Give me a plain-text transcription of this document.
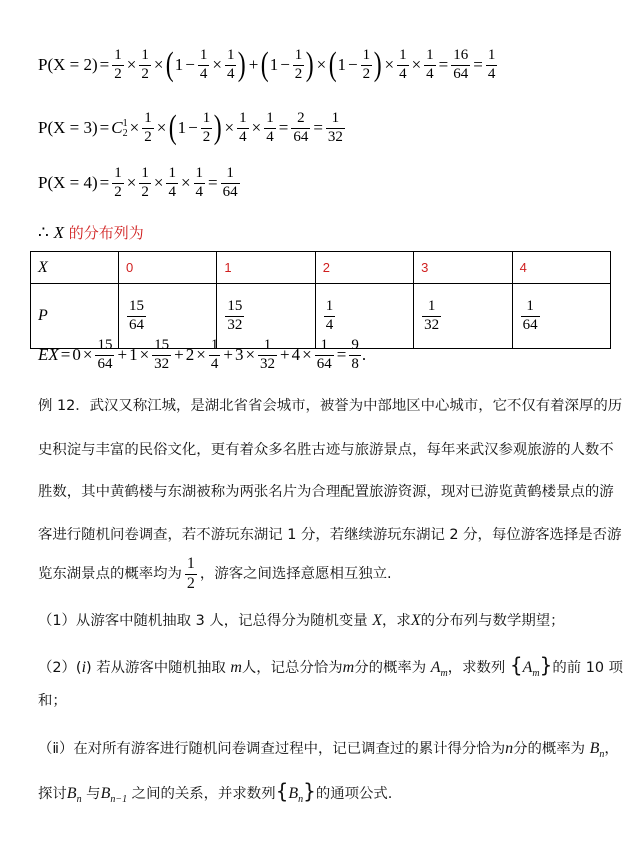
$P(X = 2) = \frac{1}{2} \times \frac{1}{2}$ × ( $1 - \frac{1}{4} \times \frac{1}{4}$ ) + ( $1 - \frac{1}{2}$ ) × ( $1 - \frac{1}{2}$ ) × $\frac{1}{4} \times \frac{1}{4} = \frac{16}{64} = \frac{1}{4}$
P(X = 3) = C 1
$2 \times \frac{1}{2}$ × ( $1 - \frac{1}{2}$ ) × $\frac{1}{4} \times \frac{1}{4} = \frac{2}{64} = \frac{1}{32}$
$P(X = 4) = \frac{1}{2} \times \frac{1}{2} \times \frac{1}{4} \times \frac{1}{4} = \frac{1}{64}$
∴ X 的分布列为
X	0	1	2	3	4
P	$\frac{15}{64}$	$\frac{15}{32}$	$\frac{1}{4}$	$\frac{1}{32}$	$\frac{1}{64}$
EX = $0 \times \frac{15}{64} + 1 \times \frac{15}{32} + 2 \times \frac{1}{4} + 3 \times \frac{1}{32} + 4 \times \frac{1}{64} = \frac{9}{8}$ .
例 12．武汉又称江城，是湖北省省会城市，被誉为中部地区中心城市，它不仅有着深厚的历
史积淀与丰富的民俗文化，更有着众多名胜古迹与旅游景点，每年来武汉参观旅游的人数不
胜数，其中黄鹤楼与东湖被称为两张名片为合理配置旅游资源，现对已游览黄鹤楼景点的游
客进行随机问卷调查，若不游玩东湖记 1 分，若继续游玩东湖记 2 分，每位游客选择是否游
览东湖景点的概率均为 $\frac{1}{2}$ ，游客之间选择意愿相互独立.
（1）从游客中随机抽取 3 人，记总得分为随机变量 X，求X的分布列与数学期望；
（2）(i) 若从游客中随机抽取 m人，记总分恰为m分的概率为 $A_m$，求数列 $\{A_m\}$的前 10 项
和；
（ⅱ）在对所有游客进行随机问卷调查过程中，记已调查过的累计得分恰为n分的概率为 $B_n$，
探讨$B_n$ 与$B_{n-1}$ 之间的关系，并求数列$\{B_n\}$的通项公式.
